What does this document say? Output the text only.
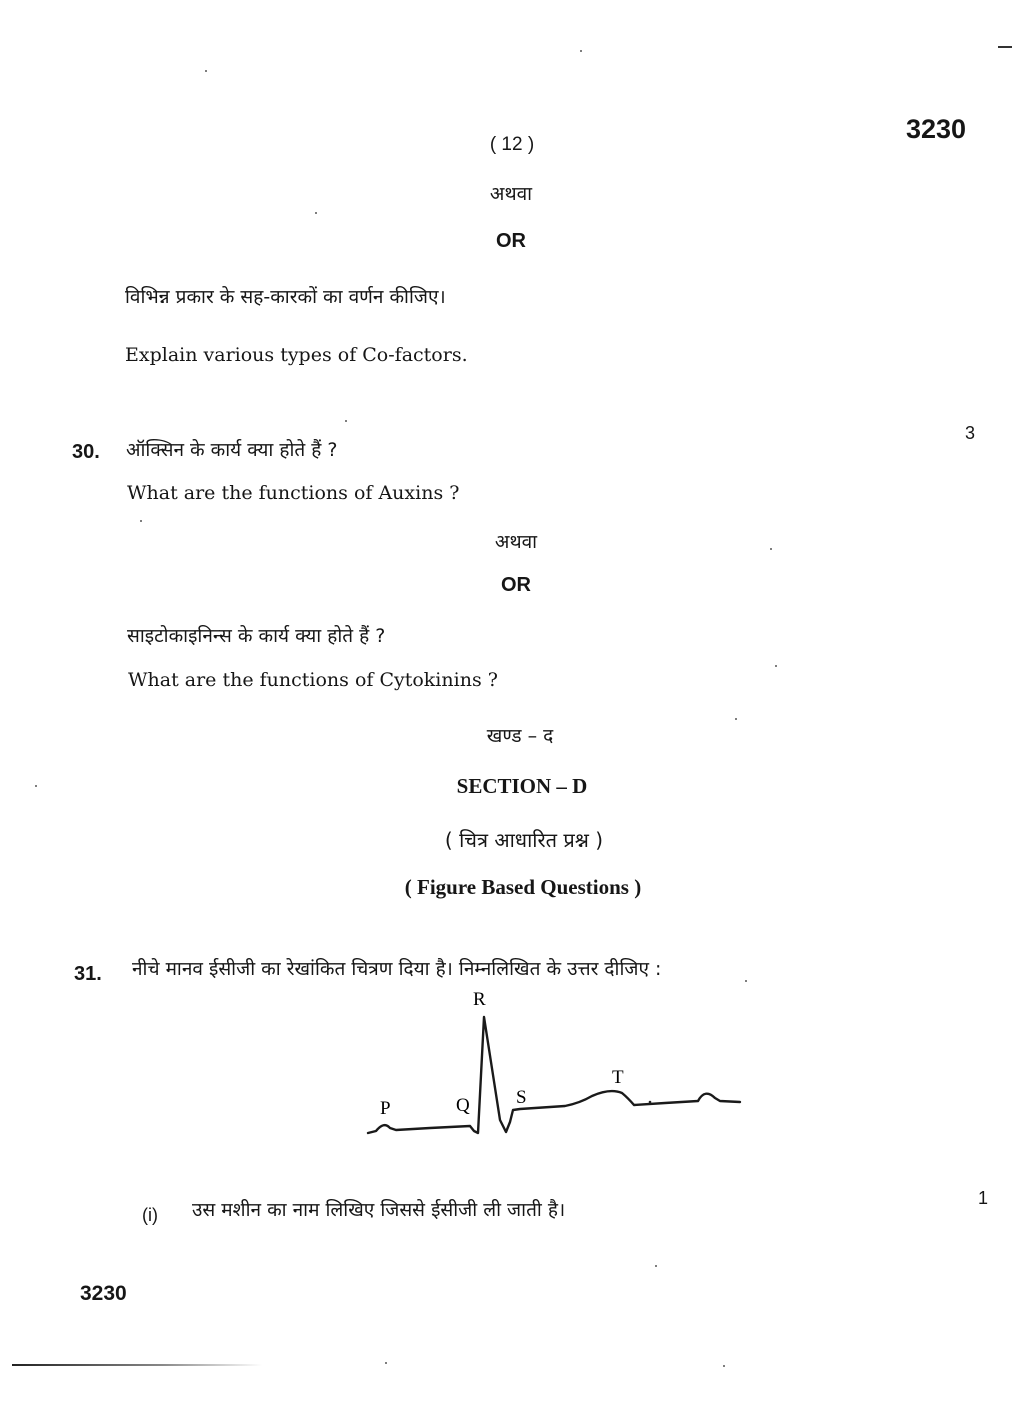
( 12 )
3230
अथवा
OR
विभिन्न प्रकार के सह-कारकों का वर्णन कीजिए।
Explain various types of Co-factors.
3
30. ऑक्सिन के कार्य क्या होते हैं ?
What are the functions of Auxins ?
अथवा
OR
साइटोकाइनिन्स के कार्य क्या होते हैं ?
What are the functions of Cytokinins ?
खण्ड – द
SECTION – D
( चित्र आधारित प्रश्न )
( Figure Based Questions )
31. नीचे मानव ईसीजी का रेखांकित चित्रण दिया है। निम्नलिखित के उत्तर दीजिए :
R
P	Q S
T
(i) उस मशीन का नाम लिखिए जिससे ईसीजी ली जाती है।
1
3230
